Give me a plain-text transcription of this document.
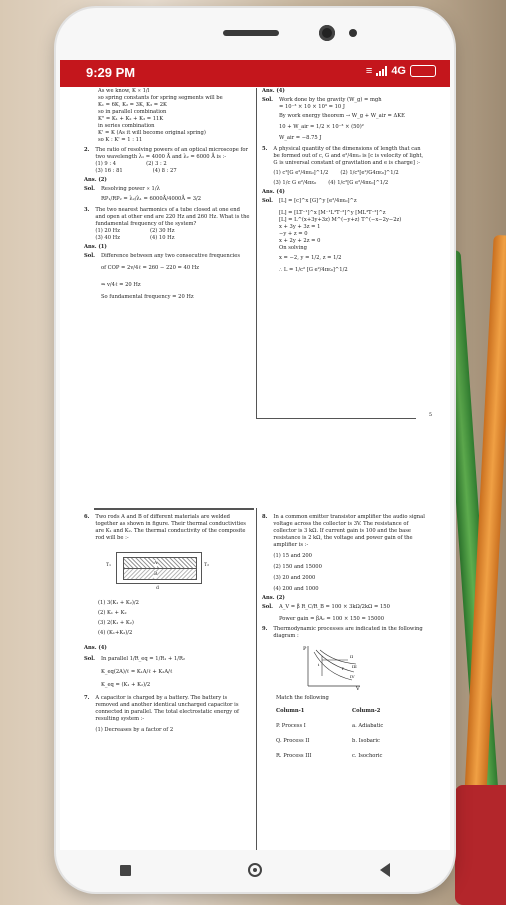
9:29 PM	≡ 4G
As we know, K ∝ 1/l
so spring constants for spring segments will be
K₁ = 6K, K₂ = 3K, K₃ = 2K
so in parallel combination
K" = K₁ + K₂ + K₃ = 11K
in series combination
K' = K (As it will become original spring)
so K : K' = 1 : 11
2. The ratio of resolving powers of an optical microscope for two wavelength λ₁ = 4000 Å and λ₂ = 6000 Å is :-
(1) 9 : 4	(2) 3 : 2
(3) 16 : 81	(4) 8 : 27
Ans. (2)
Sol. Resolving power ∝ 1/λ
RP₁/RP₂ = λ₂/λ₁ = 6000Å/4000Å = 3/2
3. The two nearest harmonics of a tube closed at one end and open at other end are 220 Hz and 260 Hz. What is the fundamental frequency of the system?
(1) 20 Hz	(2) 30 Hz
(3) 40 Hz	(4) 10 Hz
Ans. (1)
Sol. Difference between any two consecutive frequencies
of COP = 2v/4ℓ = 260 − 220 = 40 Hz
⇒ v/4ℓ = 20 Hz
So fundamental frequency = 20 Hz
Ans. (4)
Sol. Work done by the gravity (W_g) = mgh
= 10⁻³ × 10 × 10³ = 10 J
By work energy theorem → W_g + W_air = ΔKE
10 + W_air = 1/2 × 10⁻³ × (50)²
W_air = −8.75 J
5. A physical quantity of the dimensions of length that can be formed out of c, G and e²/4πε₀ is [c is velocity of light, G is universal constant of gravitation and e is charge] :-
(1) c²[G e²/4πε₀]^1/2 (2) 1/c²[e²/G4πε₀]^1/2
(3) 1/c G e²/4πε₀ (4) 1/c²[G e²/4πε₀]^1/2
Ans. (4)
Sol. [L] = [c]^x [G]^y [e²/4πε₀]^z
[L] = [LT⁻¹]^x [M⁻¹L³T⁻²]^y [ML³T⁻²]^z
[L] = L^(x+3y+3z) M^(−y+z) T^(−x−2y−2z)
x + 3y + 3z = 1
−y + z = 0
x + 2y + 2z = 0
On solving
x = −2, y = 1/2, z = 1/2
∴ L = 1/c² [G e²/4πε₀]^1/2
5
6. Two rods A and B of different materials are welded together as shown in figure. Their thermal conductivities are K₁ and K₂. The thermal conductivity of the composite rod will be :-
T₁	A
B
T₂
d
(1) 3(K₁ + K₂)/2
(2) K₁ + K₂
(3) 2(K₁ + K₂)
(4) (K₁+K₂)/2
Ans. (4)
Sol. In parallel 1/R_eq = 1/R₁ + 1/R₂
K_eq(2A)/ℓ = K₁A/ℓ + K₂A/ℓ
K_eq = (K₁ + K₂)/2
7. A capacitor is charged by a battery. The battery is removed and another identical uncharged capacitor is connected in parallel. The total electrostatic energy of resulting system :-
(1) Decreases by a factor of 2
8. In a common emitter transistor amplifier the audio signal voltage across the collector is 3V. The resistance of collector is 3 kΩ. If current gain is 100 and the base resistance is 2 kΩ, the voltage and power gain of the amplifier is :-
(1) 15 and 200
(2) 150 and 15000
(3) 20 and 2000
(4) 200 and 1000
Ans. (2)
Sol. A_V = β R_C/R_B = 100 × 3kΩ/2kΩ = 150
Power gain = βAᵥ = 100 × 150 = 15000
9. Thermodynamic processes are indicated in the following diagram :
P
V
i
f
II
III
IV
Match the following
Column-1	Column-2
P. Process I	a. Adiabatic
Q. Process II	b. Isobaric
R. Process III	c. Isochoric
